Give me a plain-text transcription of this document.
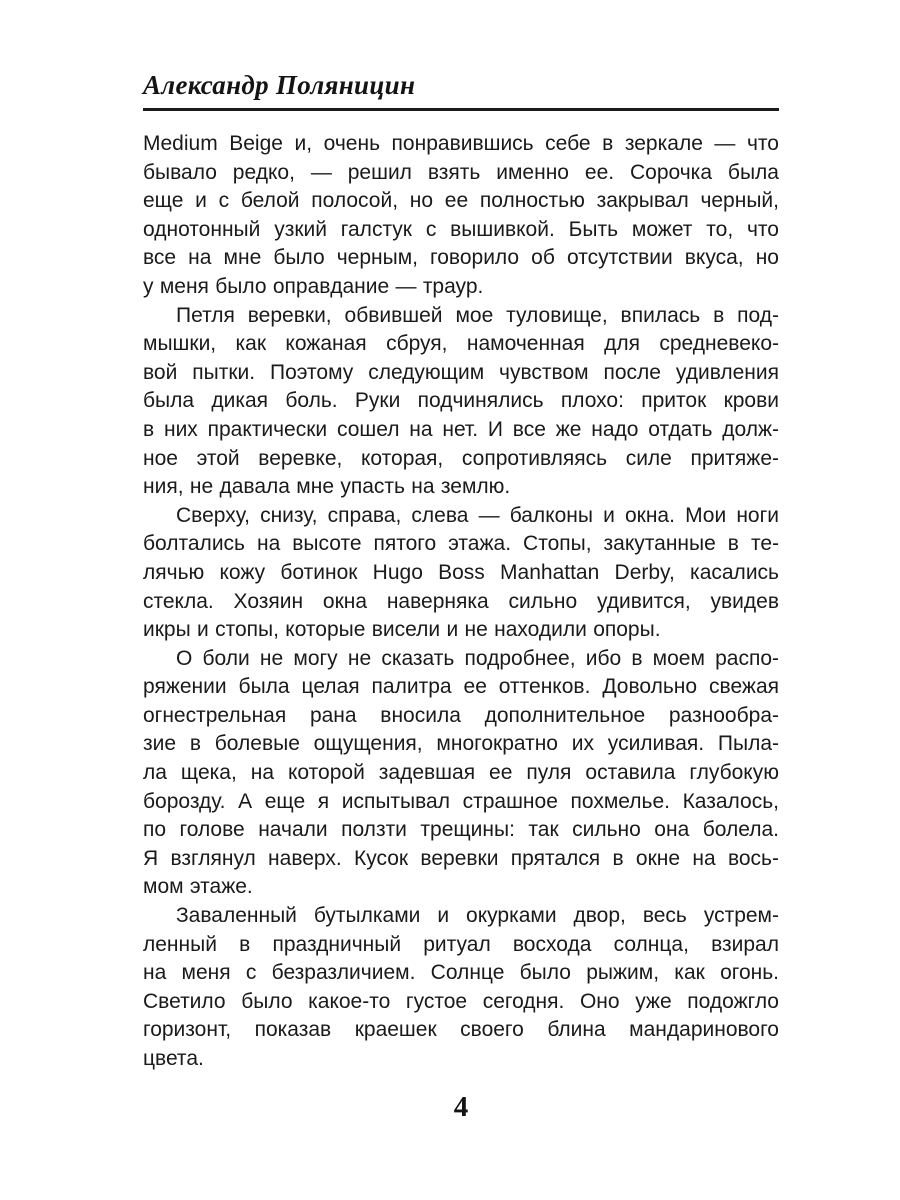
Александр Поляницин
Medium Beige и, очень понравившись себе в зеркале — что
бывало редко, — решил взять именно ее. Сорочка была
еще и с белой полосой, но ее полностью закрывал черный,
однотонный узкий галстук с вышивкой. Быть может то, что
все на мне было черным, говорило об отсутствии вкуса, но
у меня было оправдание — траур.
Петля веревки, обвившей мое туловище, впилась в под-
мышки, как кожаная сбруя, намоченная для средневеко-
вой пытки. Поэтому следующим чувством после удивления
была дикая боль. Руки подчинялись плохо: приток крови
в них практически сошел на нет. И все же надо отдать долж-
ное этой веревке, которая, сопротивляясь силе притяже-
ния, не давала мне упасть на землю.
Сверху, снизу, справа, слева — балконы и окна. Мои ноги
болтались на высоте пятого этажа. Стопы, закутанные в те-
лячью кожу ботинок Hugo Boss Manhattan Derby, касались
стекла. Хозяин окна наверняка сильно удивится, увидев
икры и стопы, которые висели и не находили опоры.
О боли не могу не сказать подробнее, ибо в моем распо-
ряжении была целая палитра ее оттенков. Довольно свежая
огнестрельная рана вносила дополнительное разнообра-
зие в болевые ощущения, многократно их усиливая. Пыла-
ла щека, на которой задевшая ее пуля оставила глубокую
борозду. А еще я испытывал страшное похмелье. Казалось,
по голове начали ползти трещины: так сильно она болела.
Я взглянул наверх. Кусок веревки прятался в окне на вось-
мом этаже.
Заваленный бутылками и окурками двор, весь устрем-
ленный в праздничный ритуал восхода солнца, взирал
на меня с безразличием. Солнце было рыжим, как огонь.
Светило было какое-то густое сегодня. Оно уже подожгло
горизонт, показав краешек своего блина мандаринового
цвета.
4
